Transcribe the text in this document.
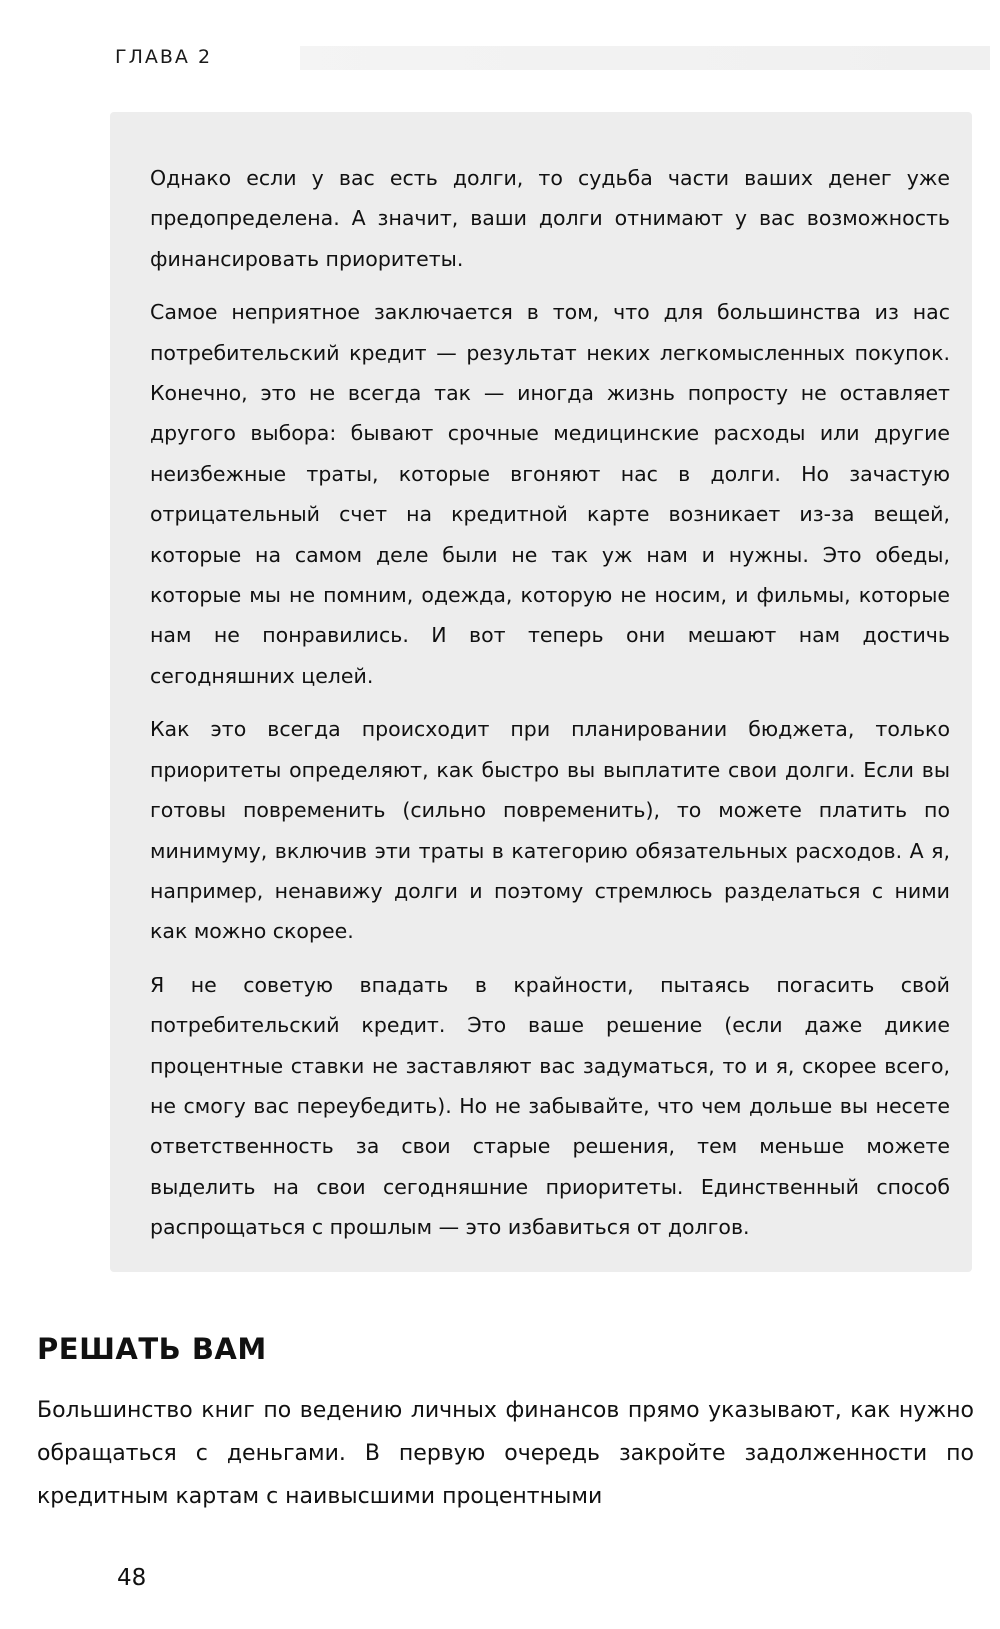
ГЛАВА 2

Однако если у вас есть долги, то судьба части ваших денег уже предопределена. А значит, ваши долги отнимают у вас возможность финансировать приоритеты.

Самое неприятное заключается в том, что для большинства из нас потребительский кредит — результат неких легкомысленных покупок. Конечно, это не всегда так — иногда жизнь попросту не оставляет другого выбора: бывают срочные медицинские расходы или другие неизбежные траты, которые вгоняют нас в долги. Но зачастую отрицательный счет на кредитной карте возникает из-за вещей, которые на самом деле были не так уж нам и нужны. Это обеды, которые мы не помним, одежда, которую не носим, и фильмы, которые нам не понравились. И вот теперь они мешают нам достичь сегодняшних целей.

Как это всегда происходит при планировании бюджета, только приоритеты определяют, как быстро вы выплатите свои долги. Если вы готовы повременить (сильно повременить), то можете платить по минимуму, включив эти траты в категорию обязательных расходов. А я, например, ненавижу долги и поэтому стремлюсь разделаться с ними как можно скорее.

Я не советую впадать в крайности, пытаясь погасить свой потребительский кредит. Это ваше решение (если даже дикие процентные ставки не заставляют вас задуматься, то и я, скорее всего, не смогу вас переубедить). Но не забывайте, что чем дольше вы несете ответственность за свои старые решения, тем меньше можете выделить на свои сегодняшние приоритеты. Единственный способ распрощаться с прошлым — это избавиться от долгов.

РЕШАТЬ ВАМ

Большинство книг по ведению личных финансов прямо указывают, как нужно обращаться с деньгами. В первую очередь закройте задолженности по кредитным картам с наивысшими процентными

48
